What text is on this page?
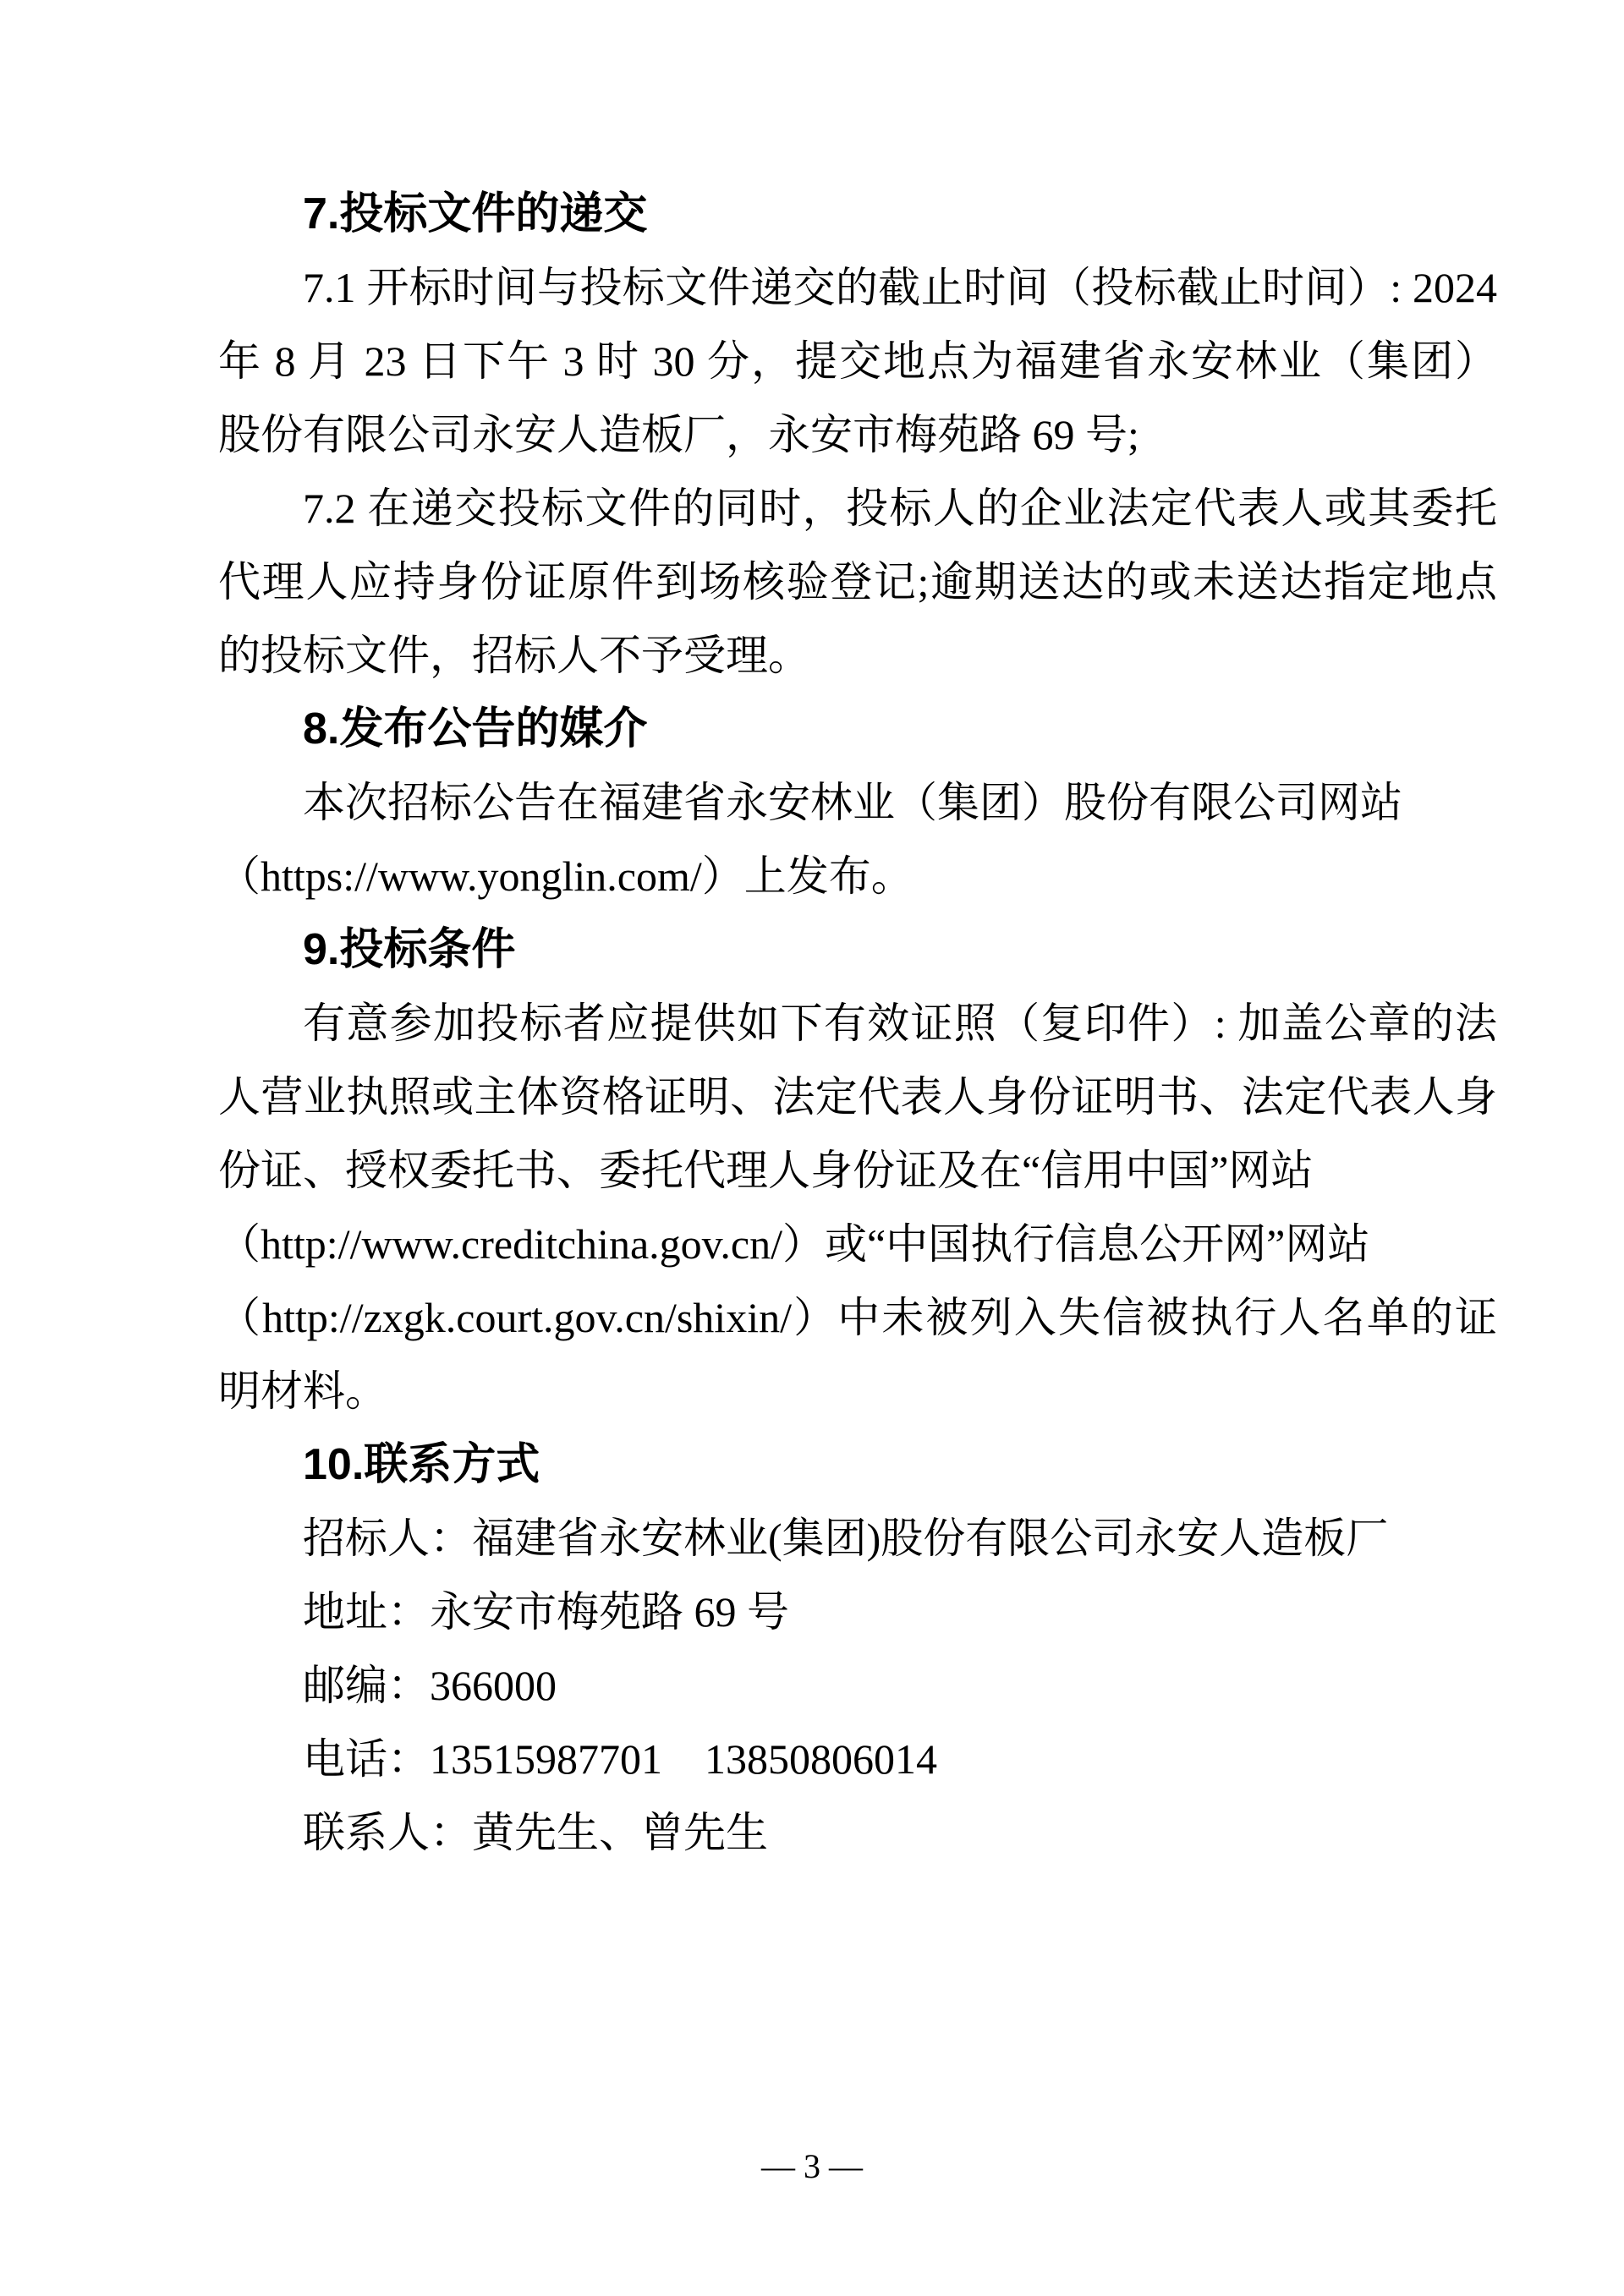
7.投标文件的递交
7.1 开标时间与投标文件递交的截止时间（投标截止时间）: 2024
年 8 月 23 日下午 3 时 30 分，提交地点为福建省永安林业（集团）
股份有限公司永安人造板厂，永安市梅苑路 69 号;
7.2 在递交投标文件的同时，投标人的企业法定代表人或其委托
代理人应持身份证原件到场核验登记;逾期送达的或未送达指定地点
的投标文件，招标人不予受理。
8.发布公告的媒介
本次招标公告在福建省永安林业（集团）股份有限公司网站
（https://www.yonglin.com/）上发布。
9.投标条件
有意参加投标者应提供如下有效证照（复印件）: 加盖公章的法
人营业执照或主体资格证明、法定代表人身份证明书、法定代表人身
份证、授权委托书、委托代理人身份证及在“信用中国”网站
（http://www.creditchina.gov.cn/）或“中国执行信息公开网”网站
（http://zxgk.court.gov.cn/shixin/）中未被列入失信被执行人名单的证
明材料。
10.联系方式
招标人：福建省永安林业(集团)股份有限公司永安人造板厂
地址：永安市梅苑路 69 号
邮编：366000
电话：13515987701　13850806014
联系人：黄先生、曾先生
— 3 —
